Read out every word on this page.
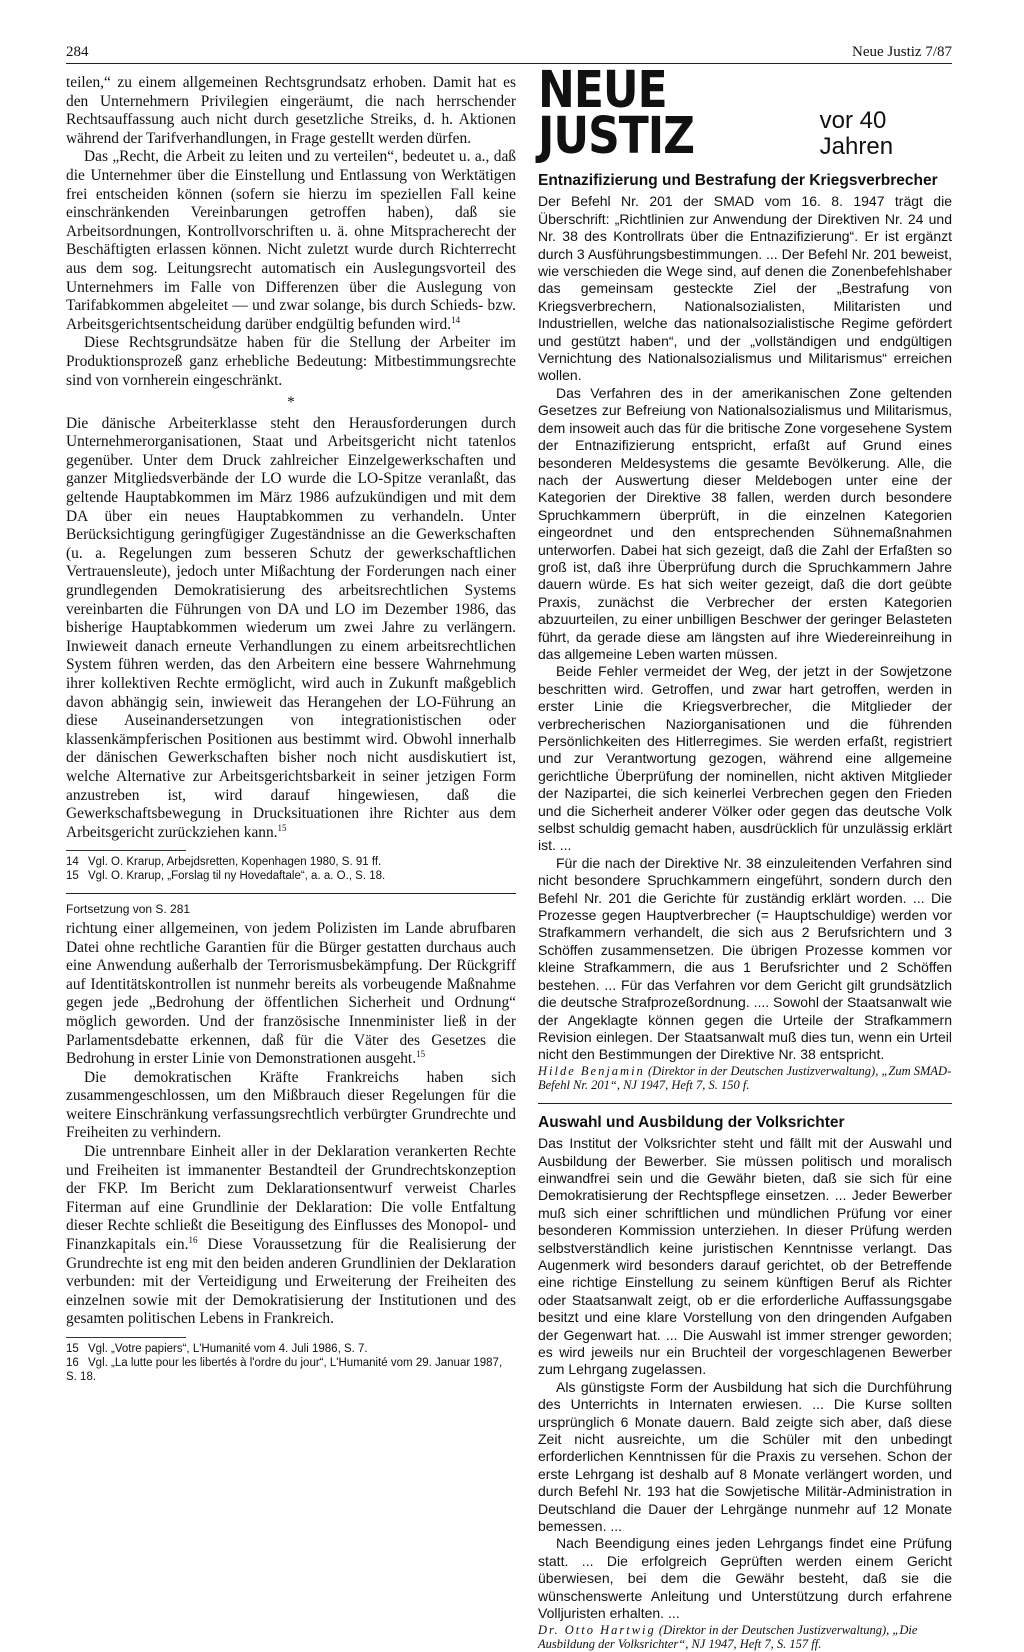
284	Neue Justiz 7/87

teilen,“ zu einem allgemeinen Rechtsgrundsatz erhoben. Damit hat es den Unternehmern Privilegien eingeräumt, die nach herrschender Rechtsauffassung auch nicht durch gesetzliche Streiks, d. h. Aktionen während der Tarifverhandlungen, in Frage gestellt werden dürfen.

Das „Recht, die Arbeit zu leiten und zu verteilen“, bedeutet u. a., daß die Unternehmer über die Einstellung und Entlassung von Werktätigen frei entscheiden können (sofern sie hierzu im speziellen Fall keine einschränkenden Vereinbarungen getroffen haben), daß sie Arbeitsordnungen, Kontrollvorschriften u. ä. ohne Mitspracherecht der Beschäftigten erlassen können. Nicht zuletzt wurde durch Richterrecht aus dem sog. Leitungsrecht automatisch ein Auslegungsvorteil des Unternehmers im Falle von Differenzen über die Auslegung von Tarifabkommen abgeleitet — und zwar solange, bis durch Schieds- bzw. Arbeitsgerichtsentscheidung darüber endgültig befunden wird.$^{14}$

Diese Rechtsgrundsätze haben für die Stellung der Arbeiter im Produktionsprozeß ganz erhebliche Bedeutung: Mitbestimmungsrechte sind von vornherein eingeschränkt.

*

Die dänische Arbeiterklasse steht den Herausforderungen durch Unternehmerorganisationen, Staat und Arbeitsgericht nicht tatenlos gegenüber. Unter dem Druck zahlreicher Einzelgewerkschaften und ganzer Mitgliedsverbände der LO wurde die LO-Spitze veranlaßt, das geltende Hauptabkommen im März 1986 aufzukündigen und mit dem DA über ein neues Hauptabkommen zu verhandeln. Unter Berücksichtigung geringfügiger Zugeständnisse an die Gewerkschaften (u. a. Regelungen zum besseren Schutz der gewerkschaftlichen Vertrauensleute), jedoch unter Mißachtung der Forderungen nach einer grundlegenden Demokratisierung des arbeitsrechtlichen Systems vereinbarten die Führungen von DA und LO im Dezember 1986, das bisherige Hauptabkommen wiederum um zwei Jahre zu verlängern. Inwieweit danach erneute Verhandlungen zu einem arbeitsrechtlichen System führen werden, das den Arbeitern eine bessere Wahrnehmung ihrer kollektiven Rechte ermöglicht, wird auch in Zukunft maßgeblich davon abhängig sein, inwieweit das Herangehen der LO-Führung an diese Auseinandersetzungen von integrationistischen oder klassenkämpferischen Positionen aus bestimmt wird. Obwohl innerhalb der dänischen Gewerkschaften bisher noch nicht ausdiskutiert ist, welche Alternative zur Arbeitsgerichtsbarkeit in seiner jetzigen Form anzustreben ist, wird darauf hingewiesen, daß die Gewerkschaftsbewegung in Drucksituationen ihre Richter aus dem Arbeitsgericht zurückziehen kann.$^{15}$

14 Vgl. O. Krarup, Arbejdsretten, Kopenhagen 1980, S. 91 ff.

15 Vgl. O. Krarup, „Forslag til ny Hovedaftale“, a. a. O., S. 18.

Fortsetzung von S. 281

richtung einer allgemeinen, von jedem Polizisten im Lande abrufbaren Datei ohne rechtliche Garantien für die Bürger gestatten durchaus auch eine Anwendung außerhalb der Terrorismusbekämpfung. Der Rückgriff auf Identitätskontrollen ist nunmehr bereits als vorbeugende Maßnahme gegen jede „Bedrohung der öffentlichen Sicherheit und Ordnung“ möglich geworden. Und der französische Innenminister ließ in der Parlamentsdebatte erkennen, daß für die Väter des Gesetzes die Bedrohung in erster Linie von Demonstrationen ausgeht.$^{15}$

Die demokratischen Kräfte Frankreichs haben sich zusammengeschlossen, um den Mißbrauch dieser Regelungen für die weitere Einschränkung verfassungsrechtlich verbürgter Grundrechte und Freiheiten zu verhindern.

Die untrennbare Einheit aller in der Deklaration verankerten Rechte und Freiheiten ist immanenter Bestandteil der Grundrechtskonzeption der FKP. Im Bericht zum Deklarationsentwurf verweist Charles Fiterman auf eine Grundlinie der Deklaration: Die volle Entfaltung dieser Rechte schließt die Beseitigung des Einflusses des Monopol- und Finanzkapitals ein.$^{16}$ Diese Voraussetzung für die Realisierung der Grundrechte ist eng mit den beiden anderen Grundlinien der Deklaration verbunden: mit der Verteidigung und Erweiterung der Freiheiten des einzelnen sowie mit der Demokratisierung der Institutionen und des gesamten politischen Lebens in Frankreich.

15 Vgl. „Votre papiers“, L'Humanité vom 4. Juli 1986, S. 7.

16 Vgl. „La lutte pour les libertés à l'ordre du jour“, L'Humanité vom 29. Januar 1987, S. 18.

NEUE JUSTIZ	vor 40 Jahren
Entnazifizierung und Bestrafung der Kriegsverbrecher

Der Befehl Nr. 201 der SMAD vom 16. 8. 1947 trägt die Überschrift: „Richtlinien zur Anwendung der Direktiven Nr. 24 und Nr. 38 des Kontrollrats über die Entnazifizierung“. Er ist ergänzt durch 3 Ausführungsbestimmungen. ... Der Befehl Nr. 201 beweist, wie verschieden die Wege sind, auf denen die Zonenbefehlshaber das gemeinsam gesteckte Ziel der „Bestrafung von Kriegsverbrechern, Nationalsozialisten, Militaristen und Industriellen, welche das nationalsozialistische Regime gefördert und gestützt haben“, und der „vollständigen und endgültigen Vernichtung des Nationalsozialismus und Militarismus“ erreichen wollen.

Das Verfahren des in der amerikanischen Zone geltenden Gesetzes zur Befreiung von Nationalsozialismus und Militarismus, dem insoweit auch das für die britische Zone vorgesehene System der Entnazifizierung entspricht, erfaßt auf Grund eines besonderen Meldesystems die gesamte Bevölkerung. Alle, die nach der Auswertung dieser Meldebogen unter eine der Kategorien der Direktive 38 fallen, werden durch besondere Spruchkammern überprüft, in die einzelnen Kategorien eingeordnet und den entsprechenden Sühnemaßnahmen unterworfen. Dabei hat sich gezeigt, daß die Zahl der Erfaßten so groß ist, daß ihre Überprüfung durch die Spruchkammern Jahre dauern würde. Es hat sich weiter gezeigt, daß die dort geübte Praxis, zunächst die Verbrecher der ersten Kategorien abzuurteilen, zu einer unbilligen Beschwer der geringer Belasteten führt, da gerade diese am längsten auf ihre Wiedereinreihung in das allgemeine Leben warten müssen.

Beide Fehler vermeidet der Weg, der jetzt in der Sowjetzone beschritten wird. Getroffen, und zwar hart getroffen, werden in erster Linie die Kriegsverbrecher, die Mitglieder der verbrecherischen Naziorganisationen und die führenden Persönlichkeiten des Hitlerregimes. Sie werden erfaßt, registriert und zur Verantwortung gezogen, während eine allgemeine gerichtliche Überprüfung der nominellen, nicht aktiven Mitglieder der Nazipartei, die sich keinerlei Verbrechen gegen den Frieden und die Sicherheit anderer Völker oder gegen das deutsche Volk selbst schuldig gemacht haben, ausdrücklich für unzulässig erklärt ist. ...

Für die nach der Direktive Nr. 38 einzuleitenden Verfahren sind nicht besondere Spruchkammern eingeführt, sondern durch den Befehl Nr. 201 die Gerichte für zuständig erklärt worden. ... Die Prozesse gegen Hauptverbrecher (= Hauptschuldige) werden vor Strafkammern verhandelt, die sich aus 2 Berufsrichtern und 3 Schöffen zusammensetzen. Die übrigen Prozesse kommen vor kleine Strafkammern, die aus 1 Berufsrichter und 2 Schöffen bestehen. ... Für das Verfahren vor dem Gericht gilt grundsätzlich die deutsche Strafprozeßordnung. .... Sowohl der Staatsanwalt wie der Angeklagte können gegen die Urteile der Strafkammern Revision einlegen. Der Staatsanwalt muß dies tun, wenn ein Urteil nicht den Bestimmungen der Direktive Nr. 38 entspricht.

Hilde Benjamin (Direktor in der Deutschen Justizverwaltung), „Zum SMAD-Befehl Nr. 201“, NJ 1947, Heft 7, S. 150 f.

Auswahl und Ausbildung der Volksrichter

Das Institut der Volksrichter steht und fällt mit der Auswahl und Ausbildung der Bewerber. Sie müssen politisch und moralisch einwandfrei sein und die Gewähr bieten, daß sie sich für eine Demokratisierung der Rechtspflege einsetzen. ... Jeder Bewerber muß sich einer schriftlichen und mündlichen Prüfung vor einer besonderen Kommission unterziehen. In dieser Prüfung werden selbstverständlich keine juristischen Kenntnisse verlangt. Das Augenmerk wird besonders darauf gerichtet, ob der Betreffende eine richtige Einstellung zu seinem künftigen Beruf als Richter oder Staatsanwalt zeigt, ob er die erforderliche Auffassungsgabe besitzt und eine klare Vorstellung von den dringenden Aufgaben der Gegenwart hat. ... Die Auswahl ist immer strenger geworden; es wird jeweils nur ein Bruchteil der vorgeschlagenen Bewerber zum Lehrgang zugelassen.

Als günstigste Form der Ausbildung hat sich die Durchführung des Unterrichts in Internaten erwiesen. ... Die Kurse sollten ursprünglich 6 Monate dauern. Bald zeigte sich aber, daß diese Zeit nicht ausreichte, um die Schüler mit den unbedingt erforderlichen Kenntnissen für die Praxis zu versehen. Schon der erste Lehrgang ist deshalb auf 8 Monate verlängert worden, und durch Befehl Nr. 193 hat die Sowjetische Militär-Administration in Deutschland die Dauer der Lehrgänge nunmehr auf 12 Monate bemessen. ...

Nach Beendigung eines jeden Lehrgangs findet eine Prüfung statt. ... Die erfolgreich Geprüften werden einem Gericht überwiesen, bei dem die Gewähr besteht, daß sie die wünschenswerte Anleitung und Unterstützung durch erfahrene Volljuristen erhalten. ...

Dr. Otto Hartwig (Direktor in der Deutschen Justizverwaltung), „Die Ausbildung der Volksrichter“, NJ 1947, Heft 7, S. 157 ff.
